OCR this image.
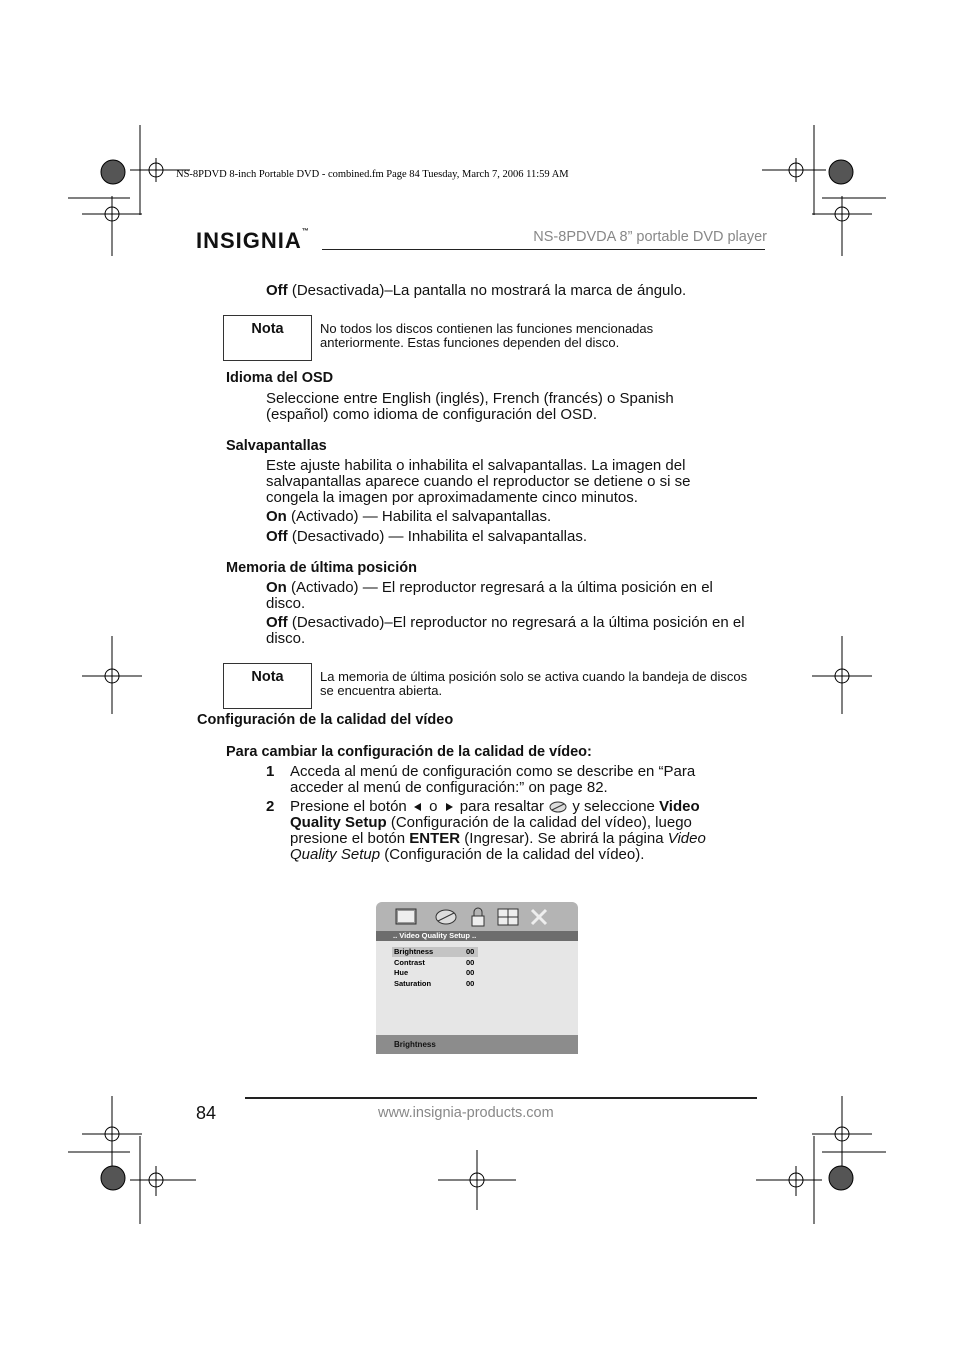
NS-8PDVD 8-inch Portable DVD - combined.fm Page 84 Tuesday, March 7, 2006 11:59 AM
INSIGNIA™	NS-8PDVDA 8” portable DVD player
Off (Desactivada)–La pantalla no mostrará la marca de ángulo.
Nota	No todos los discos contienen las funciones mencionadas anteriormente. Estas funciones dependen del disco.
Idioma del OSD
Seleccione entre English (inglés), French (francés) o Spanish (español) como idioma de configuración del OSD.
Salvapantallas
Este ajuste habilita o inhabilita el salvapantallas. La imagen del salvapantallas aparece cuando el reproductor se detiene o si se congela la imagen por aproximadamente cinco minutos.
On (Activado) — Habilita el salvapantallas.
Off (Desactivado) — Inhabilita el salvapantallas.
Memoria de última posición
On (Activado) — El reproductor regresará a la última posición en el disco.
Off (Desactivado)–El reproductor no regresará a la última posición en el disco.
Nota	La memoria de última posición solo se activa cuando la bandeja de discos se encuentra abierta.
Configuración de la calidad del vídeo
Para cambiar la configuración de la calidad de vídeo:
1 Acceda al menú de configuración como se describe en “Para acceder al menú de configuración:” on page 82.
2 Presione el botón o para resaltar y seleccione Video Quality Setup (Configuración de la calidad del vídeo), luego presione el botón ENTER (Ingresar). Se abrirá la página Video Quality Setup (Configuración de la calidad del vídeo).
.. Video Quality Setup ..
Brightness	00
Contrast	00
Hue	00
Saturation	00
Brightness
84	www.insignia-products.com
